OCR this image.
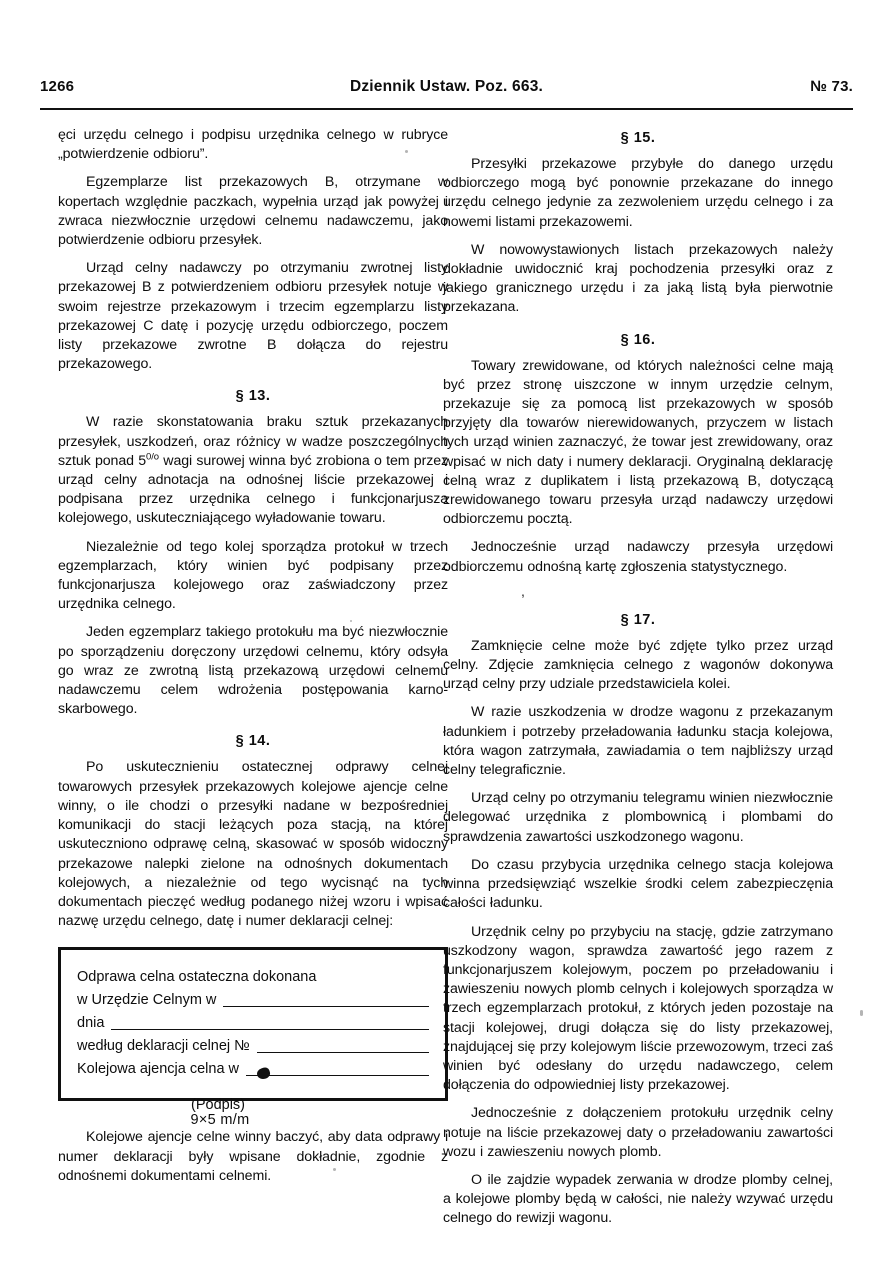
1266	Dziennik Ustaw. Poz. 663.	№ 73.

ęci urzędu celnego i podpisu urzędnika celnego w rubryce „potwierdzenie odbioru”.

Egzemplarze list przekazowych B, otrzymane w kopertach względnie paczkach, wypełnia urząd jak powyżej i zwraca niezwłocznie urzędowi celnemu nadawczemu, jako potwierdzenie odbioru przesyłek.

Urząd celny nadawczy po otrzymaniu zwrotnej listy przekazowej B z potwierdzeniem odbioru przesyłek notuje w swoim rejestrze przekazowym i trzecim egzemplarzu listy przekazowej C datę i pozycję urzędu odbiorczego, poczem listy przekazowe zwrotne B dołącza do rejestru przekazowego.

§ 13.

W razie skonstatowania braku sztuk przekazanych przesyłek, uszkodzeń, oraz różnicy w wadze poszczególnych sztuk ponad $5^{0/o}$ wagi surowej winna być zrobiona o tem przez urząd celny adnotacja na odnośnej liście przekazowej i podpisana przez urzędnika celnego i funkcjonarjusza kolejowego, uskuteczniającego wyładowanie towaru.

Niezależnie od tego kolej sporządza protokuł w trzech egzemplarzach, który winien być podpisany przez funkcjonarjusza kolejowego oraz zaświadczony przez urzędnika celnego.

Jeden egzemplarz takiego protokułu ma być niezwłocznie po sporządzeniu doręczony urzędowi celnemu, który odsyła go wraz ze zwrotną listą przekazową urzędowi celnemu nadawczemu celem wdrożenia postępowania karno-skarbowego.

§ 14.

Po uskutecznieniu ostatecznej odprawy celnej towarowych przesyłek przekazowych kolejowe ajencje celne winny, o ile chodzi o przesyłki nadane w bezpośredniej komunikacji do stacji leżących poza stacją, na której uskuteczniono odprawę celną, skasować w sposób widoczny przekazowe nalepki zielone na odnośnych dokumentach kolejowych, a niezależnie od tego wycisnąć na tych dokumentach pieczęć według podanego niżej wzoru i wpisać nazwę urzędu celnego, datę i numer deklaracji celnej:

Odprawa celna ostateczna dokonana
w Urzędzie Celnym w
dnia
według deklaracji celnej №
Kolejowa ajencja celna w
(Podpis)
9×5 m/m

Kolejowe ajencje celne winny baczyć, aby data odprawy i numer deklaracji były wpisane dokładnie, zgodnie z odnośnemi dokumentami celnemi.

§ 15.

Przesyłki przekazowe przybyłe do danego urzędu odbiorczego mogą być ponownie przekazane do innego urzędu celnego jedynie za zezwoleniem urzędu celnego i za nowemi listami przekazowemi.

W nowowystawionych listach przekazowych należy dokładnie uwidocznić kraj pochodzenia przesyłki oraz z jakiego granicznego urzędu i za jaką listą była pierwotnie przekazana.

§ 16.

Towary zrewidowane, od których należności celne mają być przez stronę uiszczone w innym urzędzie celnym, przekazuje się za pomocą list przekazowych w sposób przyjęty dla towarów nierewidowanych, przyczem w listach tych urząd winien zaznaczyć, że towar jest zrewidowany, oraz wpisać w nich daty i numery deklaracji. Oryginalną deklarację celną wraz z duplikatem i listą przekazową B, dotyczącą zrewidowanego towaru przesyła urząd nadawczy urzędowi odbiorczemu pocztą.

Jednocześnie urząd nadawczy przesyła urzędowi odbiorczemu odnośną kartę zgłoszenia statystycznego.

,
§ 17.

Zamknięcie celne może być zdjęte tylko przez urząd celny. Zdjęcie zamknięcia celnego z wagonów dokonywa urząd celny przy udziale przedstawiciela kolei.

W razie uszkodzenia w drodze wagonu z przekazanym ładunkiem i potrzeby przeładowania ładunku stacja kolejowa, która wagon zatrzymała, zawiadamia o tem najbliższy urząd celny telegraficznie.

Urząd celny po otrzymaniu telegramu winien niezwłocznie delegować urzędnika z plombownicą i plombami do sprawdzenia zawartości uszkodzonego wagonu.

Do czasu przybycia urzędnika celnego stacja kolejowa winna przedsięwziąć wszelkie środki celem zabezpieczęnia całości ładunku.

Urzędnik celny po przybyciu na stację, gdzie zatrzymano uszkodzony wagon, sprawdza zawartość jego razem z funkcjonarjuszem kolejowym, poczem po przeładowaniu i zawieszeniu nowych plomb celnych i kolejowych sporządza w trzech egzemplarzach protokuł, z których jeden pozostaje na stacji kolejowej, drugi dołącza się do listy przekazowej, znajdującej się przy kolejowym liście przewozowym, trzeci zaś winien być odesłany do urzędu nadawczego, celem dołączenia do odpowiedniej listy przekazowej.

Jednocześnie z dołączeniem protokułu urzędnik celny notuje na liście przekazowej daty o przeładowaniu zawartości wozu i zawieszeniu nowych plomb.

O ile zajdzie wypadek zerwania w drodze plomby celnej, a kolejowe plomby będą w całości, nie należy wzywać urzędu celnego do rewizji wagonu.
